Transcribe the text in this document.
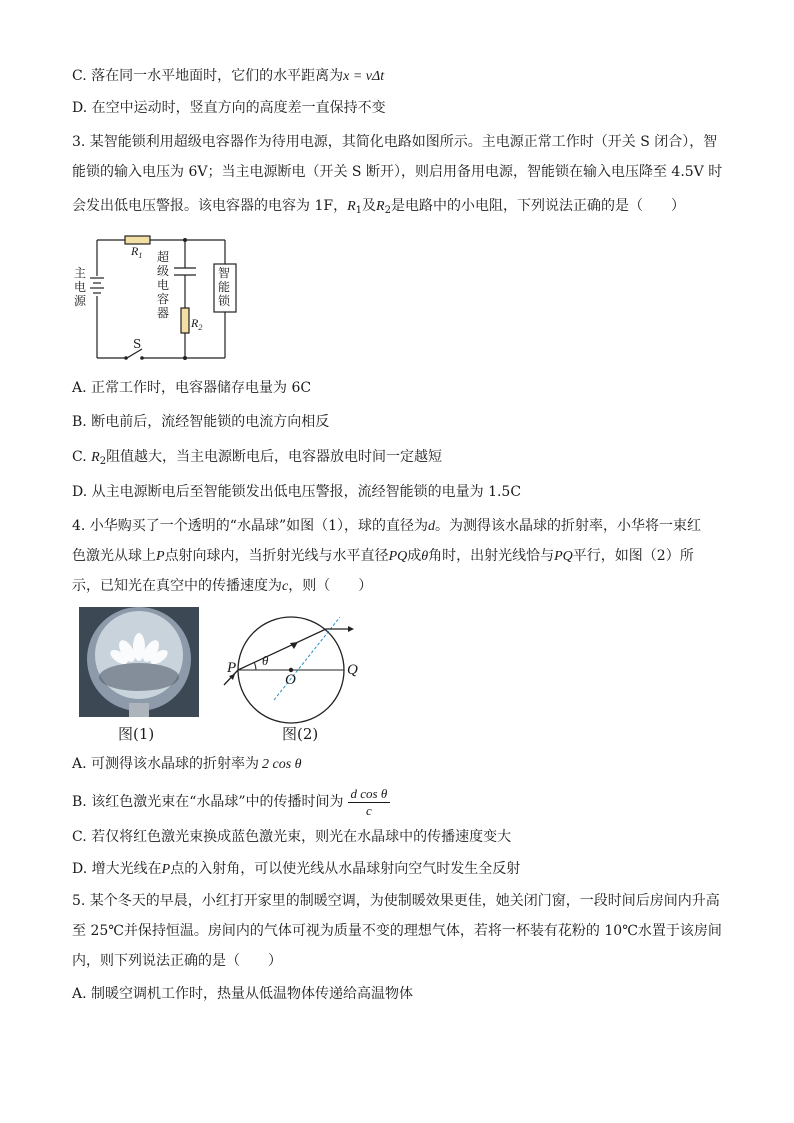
C. 落在同一水平地面时，它们的水平距离为x = vΔt
D. 在空中运动时，竖直方向的高度差一直保持不变
3. 某智能锁利用超级电容器作为待用电源，其简化电路如图所示。主电源正常工作时（开关 S 闭合），智
能锁的输入电压为 6V；当主电源断电（开关 S 断开），则启用备用电源，智能锁在输入电压降至 4.5V 时
会发出低电压警报。该电容器的电容为 1F，$R_1$及$R_2$是电路中的小电阻，下列说法正确的是（　　）
主
电
源
超
级
电
容
器
智
能
锁
$R_1$
$R_2$
S
A. 正常工作时，电容器储存电量为 6C
B. 断电前后，流经智能锁的电流方向相反
C. $R_2$阻值越大，当主电源断电后，电容器放电时间一定越短
D. 从主电源断电后至智能锁发出低电压警报，流经智能锁的电量为 1.5C
4. 小华购买了一个透明的“水晶球”如图（1），球的直径为d。为测得该水晶球的折射率，小华将一束红
色激光从球上P点射向球内，当折射光线与水平直径PQ成θ角时，出射光线恰与PQ平行，如图（2）所
示，已知光在真空中的传播速度为c，则（　　）
图(1)
P
O
Q
θ
图(2)
A. 可测得该水晶球的折射率为 2 cos θ
B. 该红色激光束在“水晶球”中的传播时间为 $\frac{\text{d cos θ}}{c}$
C. 若仅将红色激光束换成蓝色激光束，则光在水晶球中的传播速度变大
D. 增大光线在P点的入射角，可以使光线从水晶球射向空气时发生全反射
5. 某个冬天的早晨，小红打开家里的制暖空调，为使制暖效果更佳，她关闭门窗，一段时间后房间内升高
至 25℃并保持恒温。房间内的气体可视为质量不变的理想气体，若将一杯装有花粉的 10℃水置于该房间
内，则下列说法正确的是（　　）
A. 制暖空调机工作时，热量从低温物体传递给高温物体
